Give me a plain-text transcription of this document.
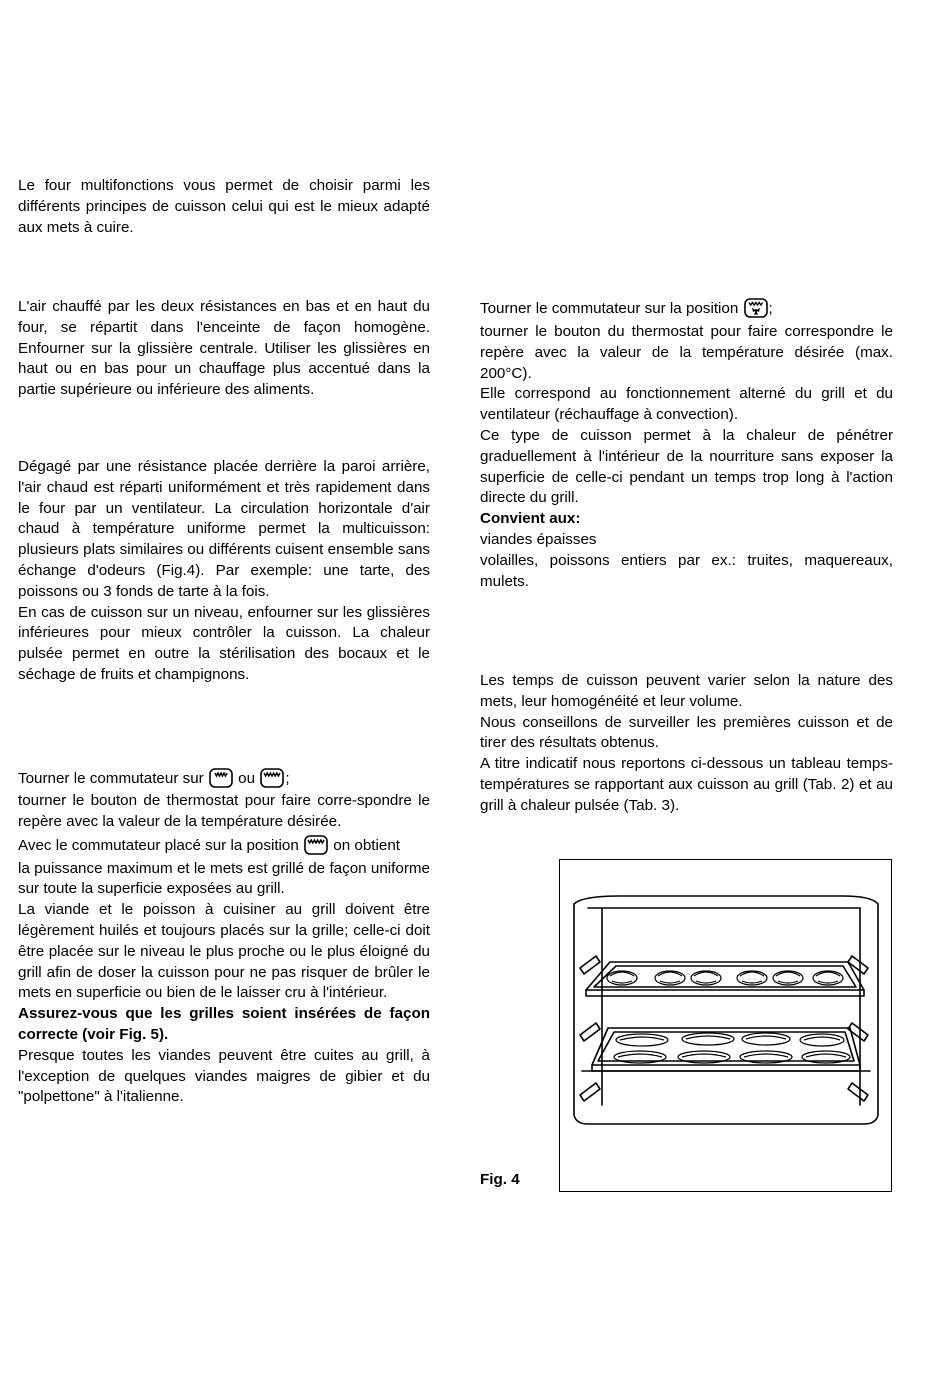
Le four multifonctions vous permet de choisir parmi les différents principes de cuisson celui qui est le mieux adapté aux mets à cuire.

L'air chauffé par les deux résistances en bas et en haut du four, se répartit dans l'enceinte de façon homogène. Enfourner sur la glissière centrale. Utiliser les glissières en haut ou en bas pour un chauffage plus accentué dans la partie supérieure ou inférieure des aliments.

Dégagé par une résistance placée derrière la paroi arrière, l'air chaud est réparti uniformément et très rapidement dans le four par un ventilateur. La circulation horizontale d'air chaud à température uniforme permet la multicuisson: plusieurs plats similaires ou différents cuisent ensemble sans échange d'odeurs (Fig.4). Par exemple: une tarte, des poissons ou 3 fonds de tarte à la fois.

En cas de cuisson sur un niveau, enfourner sur les glissières inférieures pour mieux contrôler la cuisson. La chaleur pulsée permet en outre la stérilisation des bocaux et le séchage de fruits et champignons.

Tourner le commutateur sur ou ;

tourner le bouton de thermostat pour faire corre-spondre le repère avec la valeur de la température désirée.

Avec le commutateur placé sur la position on obtient

la puissance maximum et le mets est grillé de façon uniforme sur toute la superficie exposées au grill.

La viande et le poisson à cuisiner au grill doivent être légèrement huilés et toujours placés sur la grille; celle-ci doit être placée sur le niveau le plus proche ou le plus éloigné du grill afin de doser la cuisson pour ne pas risquer de brûler le mets en superficie ou bien de le laisser cru à l'intérieur.

Assurez-vous que les grilles soient insérées de façon correcte (voir Fig. 5).

Presque toutes les viandes peuvent être cuites au grill, à l'exception de quelques viandes maigres de gibier et du "polpettone" à l'italienne.

Tourner le commutateur sur la position ;

tourner le bouton du thermostat pour faire correspondre le repère avec la valeur de la température désirée (max. 200°C).

Elle correspond au fonctionnement alterné du grill et du ventilateur (réchauffage à convection).

Ce type de cuisson permet à la chaleur de pénétrer graduellement à l'intérieur de la nourriture sans exposer la superficie de celle-ci pendant un temps trop long à l'action directe du grill.

Convient aux:

viandes épaisses

volailles, poissons entiers par ex.: truites, maquereaux, mulets.

Les temps de cuisson peuvent varier selon la nature des mets, leur homogénéité et leur volume.

Nous conseillons de surveiller les premières cuisson et de tirer des résultats obtenus.

A titre indicatif nous reportons ci-dessous un tableau temps-températures se rapportant aux cuisson au grill (Tab. 2) et au grill à chaleur pulsée (Tab. 3).

Fig. 4
